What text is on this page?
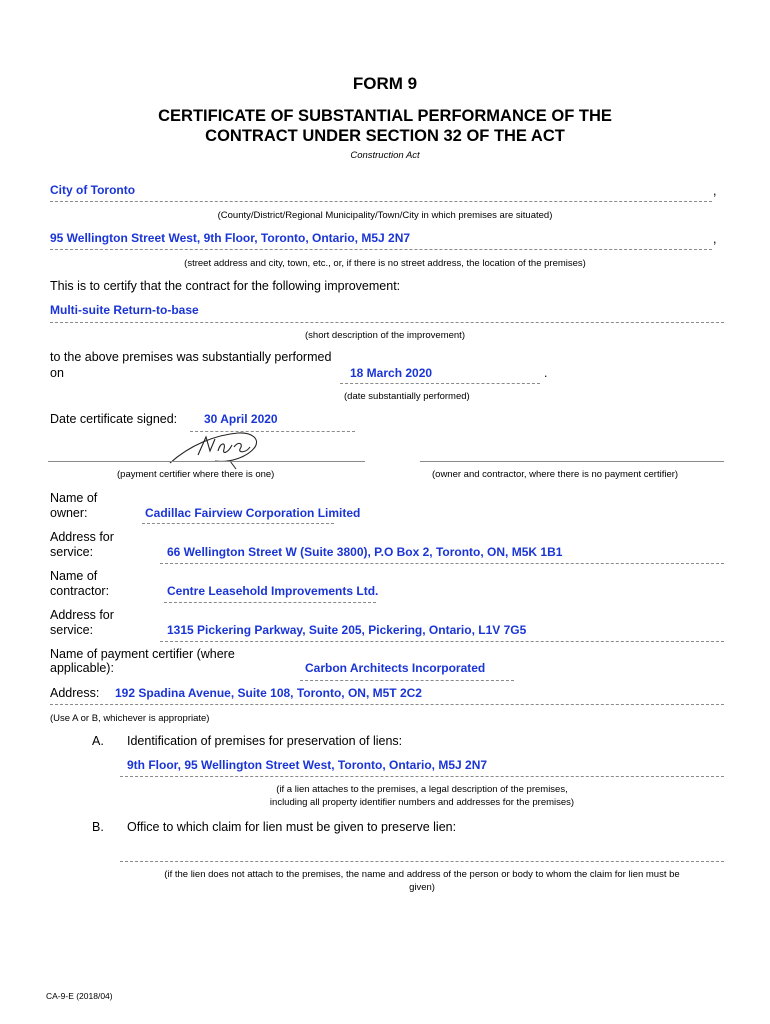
FORM 9
CERTIFICATE OF SUBSTANTIAL PERFORMANCE OF THE
CONTRACT UNDER SECTION 32 OF THE ACT
Construction Act
City of Toronto	,
(County/District/Regional Municipality/Town/City in which premises are situated)
95 Wellington Street West, 9th Floor, Toronto, Ontario, M5J 2N7	,
(street address and city, town, etc., or, if there is no street address, the location of the premises)
This is to certify that the contract for the following improvement:
Multi-suite Return-to-base
(short description of the improvement)
to the above premises was substantially performed
on	18 March 2020	.
(date substantially performed)
Date certificate signed: 30 April 2020
(payment certifier where there is one)	(owner and contractor, where there is no payment certifier)
Name of
owner:	Cadillac Fairview Corporation Limited
Address for
service:	66 Wellington Street W (Suite 3800), P.O Box 2, Toronto, ON, M5K 1B1
Name of
contractor:	Centre Leasehold Improvements Ltd.
Address for
service:	1315 Pickering Parkway, Suite 205, Pickering, Ontario, L1V 7G5
Name of payment certifier (where
applicable):	Carbon Architects Incorporated
Address: 192 Spadina Avenue, Suite 108, Toronto, ON, M5T 2C2
(Use A or B, whichever is appropriate)
A. Identification of premises for preservation of liens:
9th Floor, 95 Wellington Street West, Toronto, Ontario, M5J 2N7
(if a lien attaches to the premises, a legal description of the premises,
including all property identifier numbers and addresses for the premises)
B. Office to which claim for lien must be given to preserve lien:
(if the lien does not attach to the premises, the name and address of the person or body to whom the claim for lien must be
given)
CA-9-E (2018/04)
